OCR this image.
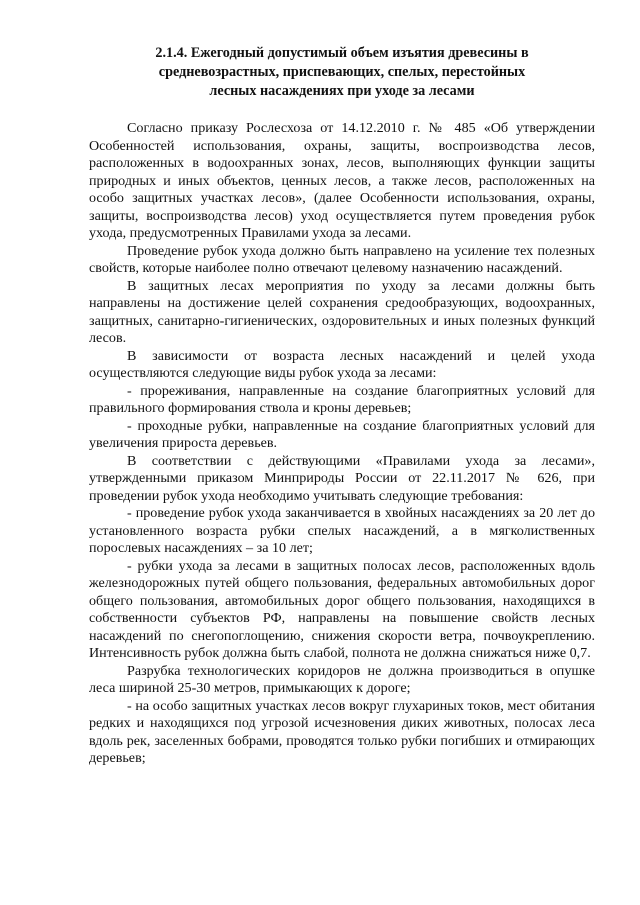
2.1.4. Ежегодный допустимый объем изъятия древесины в
средневозрастных, приспевающих, спелых, перестойных
лесных насаждениях при уходе за лесами

Согласно приказу Рослесхоза от 14.12.2010 г. № 485 «Об утверждении Особенностей использования, охраны, защиты, воспроизводства лесов, расположенных в водоохранных зонах, лесов, выполняющих функции защиты природных и иных объектов, ценных лесов, а также лесов, расположенных на особо защитных участках лесов», (далее Особенности использования, охраны, защиты, воспроизводства лесов) уход осуществляется путем проведения рубок ухода, предусмотренных Правилами ухода за лесами.

Проведение рубок ухода должно быть направлено на усиление тех полезных свойств, которые наиболее полно отвечают целевому назначению насаждений.

В защитных лесах мероприятия по уходу за лесами должны быть направлены на достижение целей сохранения средообразующих, водоохранных, защитных, санитарно-гигиенических, оздоровительных и иных полезных функций лесов.

В зависимости от возраста лесных насаждений и целей ухода осуществляются следующие виды рубок ухода за лесами:

- прореживания, направленные на создание благоприятных условий для правильного формирования ствола и кроны деревьев;

- проходные рубки, направленные на создание благоприятных условий для увеличения прироста деревьев.

В соответствии с действующими «Правилами ухода за лесами», утвержденными приказом Минприроды России от 22.11.2017 № 626, при проведении рубок ухода необходимо учитывать следующие требования:

- проведение рубок ухода заканчивается в хвойных насаждениях за 20 лет до установленного возраста рубки спелых насаждений, а в мягколиственных порослевых насаждениях – за 10 лет;

- рубки ухода за лесами в защитных полосах лесов, расположенных вдоль железнодорожных путей общего пользования, федеральных автомобильных дорог общего пользования, автомобильных дорог общего пользования, находящихся в собственности субъектов РФ, направлены на повышение свойств лесных насаждений по снегопоглощению, снижения скорости ветра, почвоукреплению. Интенсивность рубок должна быть слабой, полнота не должна снижаться ниже 0,7.

Разрубка технологических коридоров не должна производиться в опушке леса шириной 25-30 метров, примыкающих к дороге;

- на особо защитных участках лесов вокруг глухариных токов, мест обитания редких и находящихся под угрозой исчезновения диких животных, полосах леса вдоль рек, заселенных бобрами, проводятся только рубки погибших и отмирающих деревьев;
